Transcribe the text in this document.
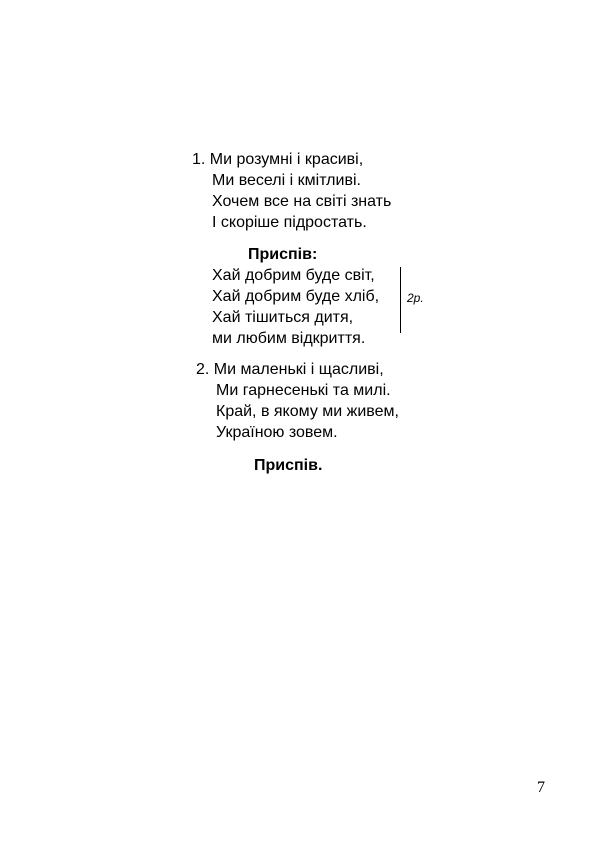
1. Ми розумні і красиві,
Ми веселі і кмітливі.
Хочем все на світі знать
І скоріше підростать.
Приспів:
Хай добрим буде світ,
Хай добрим буде хліб,
Хай тішиться дитя,
ми любим відкриття.
2р.
2. Ми маленькі і щасливі,
Ми гарнесенькі та милі.
Край, в якому ми живем,
Україною зовем.
Приспів.
7
